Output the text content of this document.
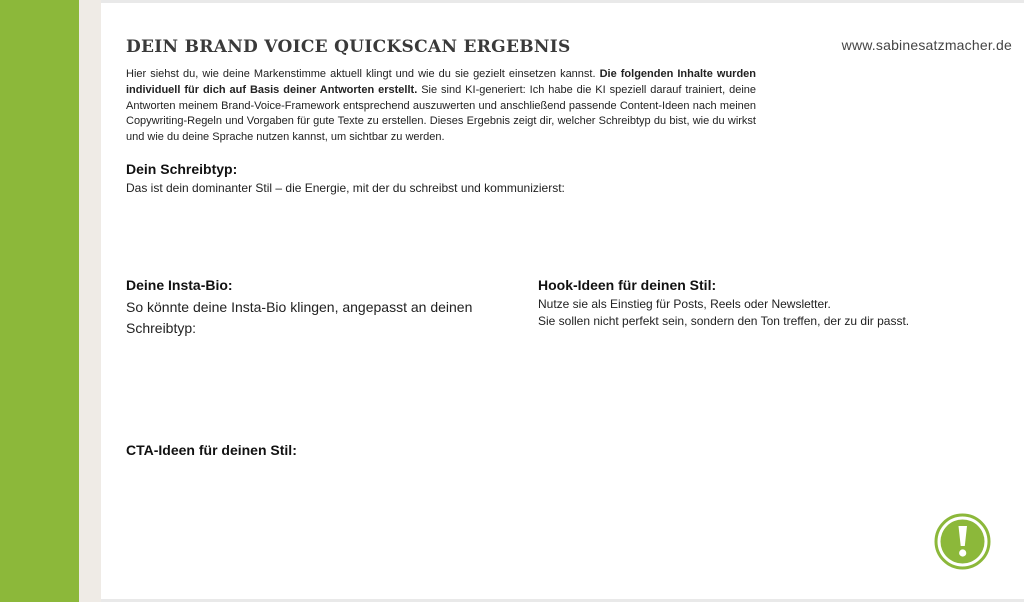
DEIN BRAND VOICE QUICKSCAN ERGEBNIS	www.sabinesatzmacher.de
Hier siehst du, wie deine Markenstimme aktuell klingt und wie du sie gezielt einsetzen kannst. Die folgenden Inhalte wurden individuell für dich auf Basis deiner Antworten erstellt. Sie sind KI-generiert: Ich habe die KI speziell darauf trainiert, deine Antworten meinem Brand-Voice-Framework entsprechend auszuwerten und anschließend passende Content-Ideen nach meinen Copywriting-Regeln und Vorgaben für gute Texte zu erstellen. Dieses Ergebnis zeigt dir, welcher Schreibtyp du bist, wie du wirkst und wie du deine Sprache nutzen kannst, um sichtbar zu werden.
Dein Schreibtyp:
Das ist dein dominanter Stil – die Energie, mit der du schreibst und kommunizierst:
Deine Insta-Bio:
So könnte deine Insta-Bio klingen, angepasst an deinen Schreibtyp:
Hook-Ideen für deinen Stil:
Nutze sie als Einstieg für Posts, Reels oder Newsletter.
Sie sollen nicht perfekt sein, sondern den Ton treffen, der zu dir passt.
CTA-Ideen für deinen Stil:
